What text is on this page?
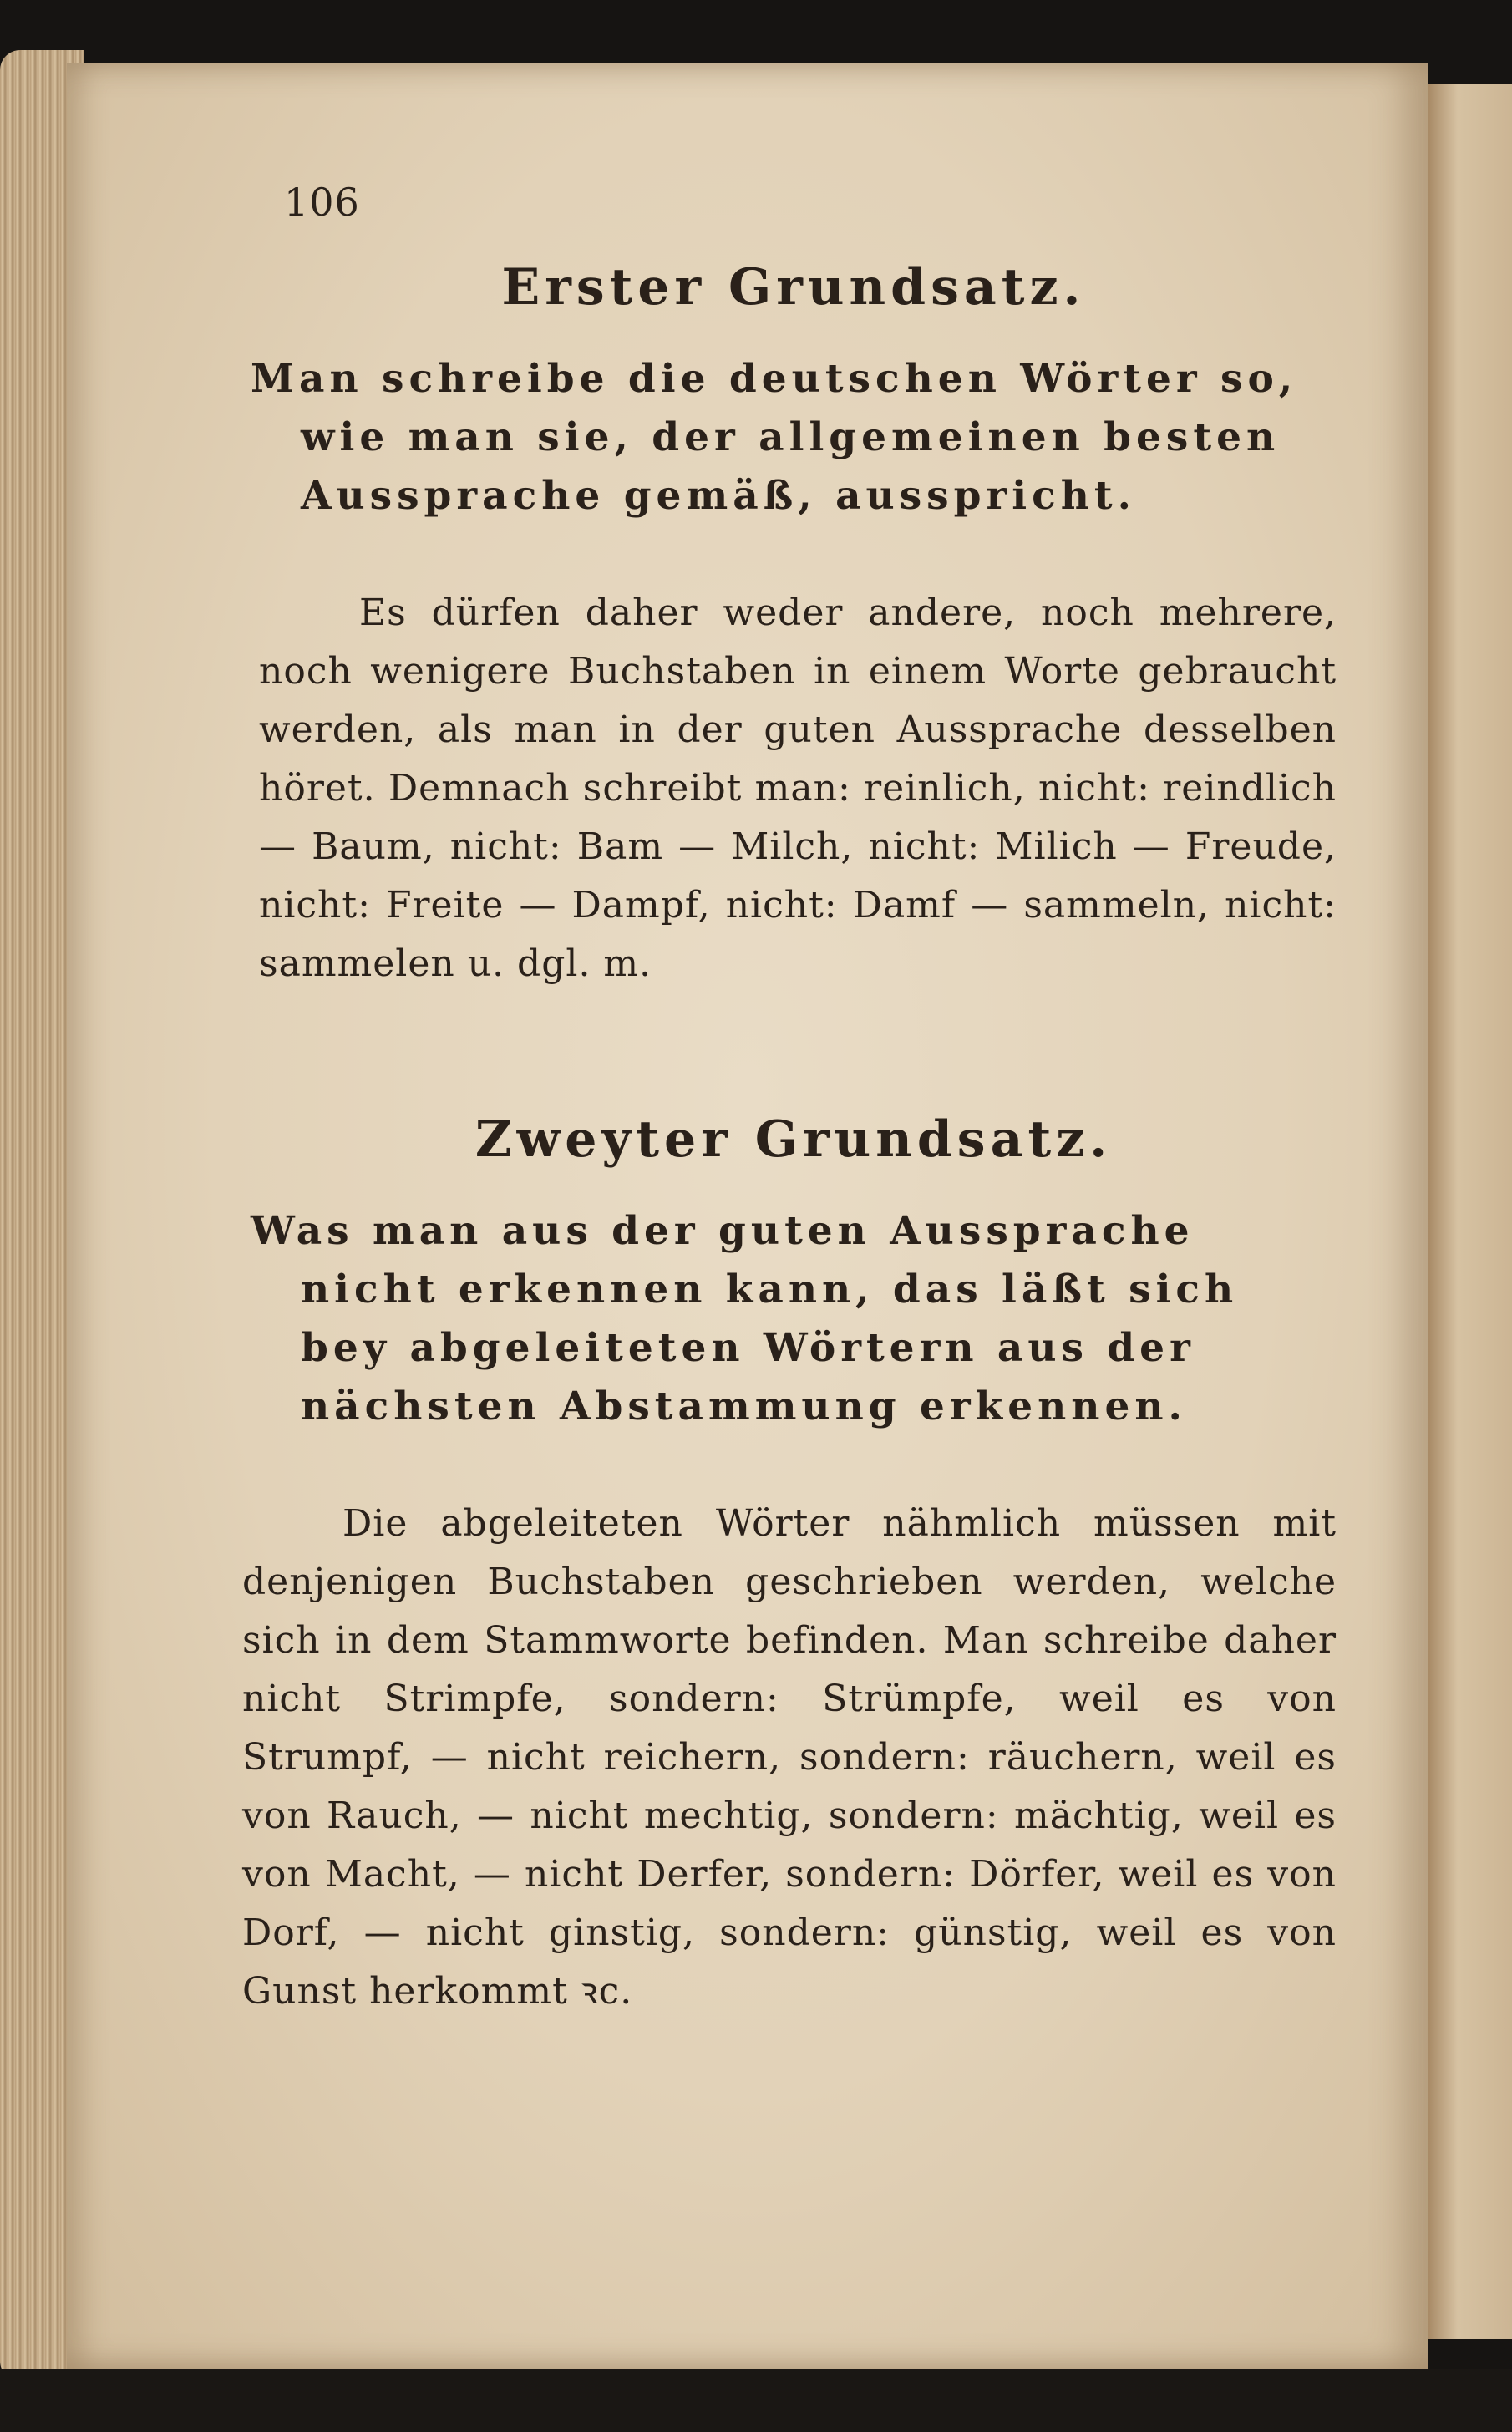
106
Erster Grundsatz.

Man schreibe die deutschen Wörter so, wie man sie, der allgemeinen besten Aussprache gemäß, ausspricht.

Es dürfen daher weder andere, noch mehrere, noch wenigere Buchstaben in einem Worte gebraucht werden, als man in der guten Aussprache desselben höret. Demnach schreibt man: reinlich, nicht: reindlich — Baum, nicht: Bam — Milch, nicht: Milich — Freude, nicht: Freite — Dampf, nicht: Damf — sammeln, nicht: sammelen u. dgl. m.

Zweyter Grundsatz.

Was man aus der guten Aussprache nicht erkennen kann, das läßt sich bey abgeleiteten Wörtern aus der nächsten Abstammung erkennen.

Die abgeleiteten Wörter nähmlich müssen mit denjenigen Buchstaben geschrieben werden, welche sich in dem Stammworte befinden. Man schreibe daher nicht Strimpfe, sondern: Strümpfe, weil es von Strumpf, — nicht reichern, sondern: räuchern, weil es von Rauch, — nicht mechtig, sondern: mächtig, weil es von Macht, — nicht Derfer, sondern: Dörfer, weil es von Dorf, — nicht ginstig, sondern: günstig, weil es von Gunst herkommt ꝛc.
